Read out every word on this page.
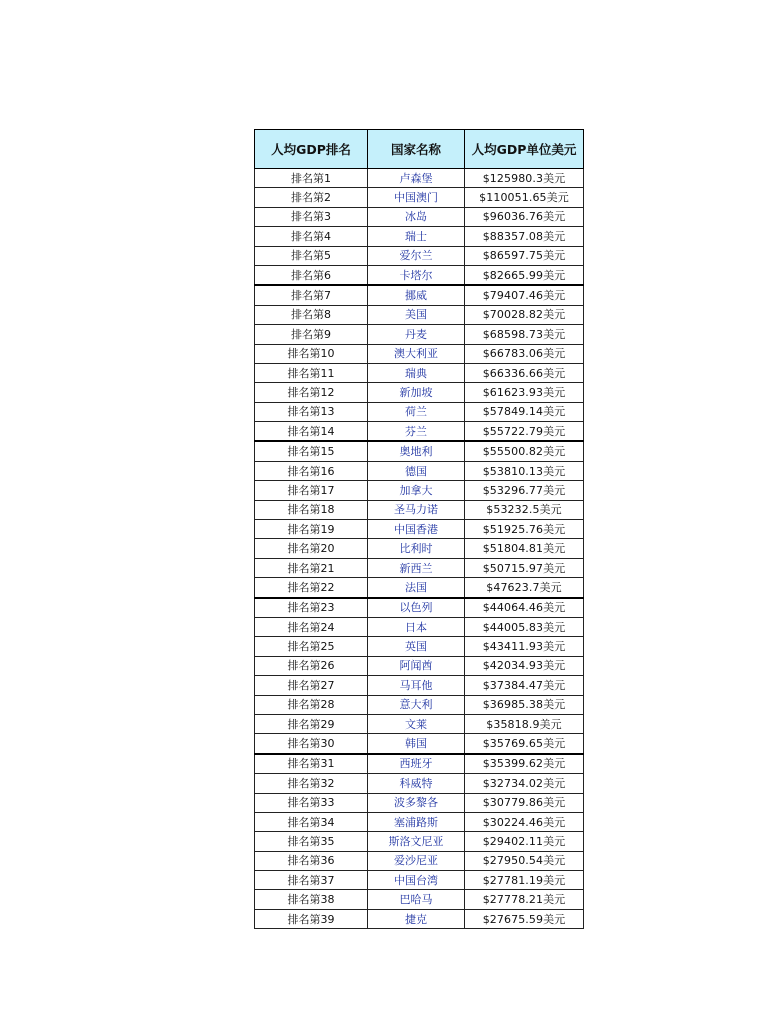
人均GDP排名	国家名称	人均GDP单位美元
排名第1	卢森堡	$125980.3美元
排名第2	中国澳门	$110051.65美元
排名第3	冰岛	$96036.76美元
排名第4	瑞士	$88357.08美元
排名第5	爱尔兰	$86597.75美元
排名第6	卡塔尔	$82665.99美元
排名第7	挪威	$79407.46美元
排名第8	美国	$70028.82美元
排名第9	丹麦	$68598.73美元
排名第10	澳大利亚	$66783.06美元
排名第11	瑞典	$66336.66美元
排名第12	新加坡	$61623.93美元
排名第13	荷兰	$57849.14美元
排名第14	芬兰	$55722.79美元
排名第15	奥地利	$55500.82美元
排名第16	德国	$53810.13美元
排名第17	加拿大	$53296.77美元
排名第18	圣马力诺	$53232.5美元
排名第19	中国香港	$51925.76美元
排名第20	比利时	$51804.81美元
排名第21	新西兰	$50715.97美元
排名第22	法国	$47623.7美元
排名第23	以色列	$44064.46美元
排名第24	日本	$44005.83美元
排名第25	英国	$43411.93美元
排名第26	阿闻酋	$42034.93美元
排名第27	马耳他	$37384.47美元
排名第28	意大利	$36985.38美元
排名第29	文莱	$35818.9美元
排名第30	韩国	$35769.65美元
排名第31	西班牙	$35399.62美元
排名第32	科威特	$32734.02美元
排名第33	波多黎各	$30779.86美元
排名第34	塞浦路斯	$30224.46美元
排名第35	斯洛文尼亚	$29402.11美元
排名第36	爱沙尼亚	$27950.54美元
排名第37	中国台湾	$27781.19美元
排名第38	巴哈马	$27778.21美元
排名第39	捷克	$27675.59美元
